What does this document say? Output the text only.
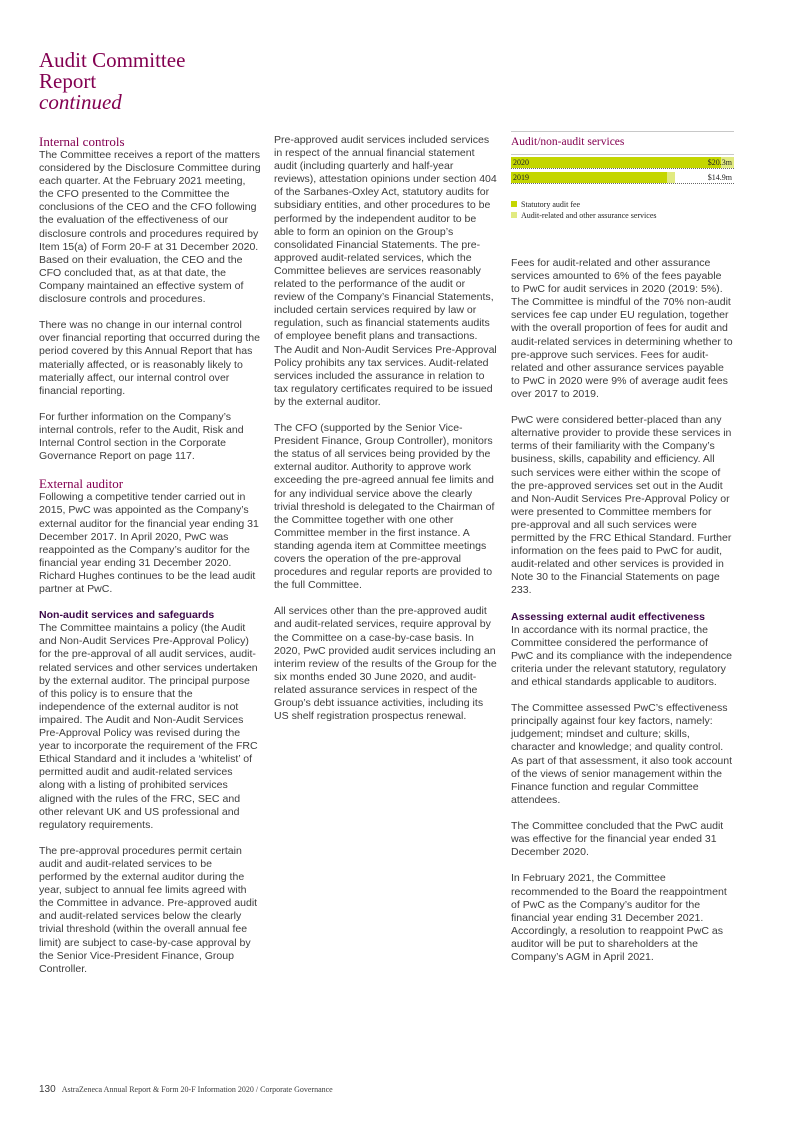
Audit Committee
Report
continued
Internal controls

The Committee receives a report of the matters considered by the Disclosure Committee during each quarter. At the February 2021 meeting, the CFO presented to the Committee the conclusions of the CEO and the CFO following the evaluation of the effectiveness of our disclosure controls and procedures required by Item 15(a) of Form 20-F at 31 December 2020. Based on their evaluation, the CEO and the CFO concluded that, as at that date, the Company maintained an effective system of disclosure controls and procedures.

There was no change in our internal control over financial reporting that occurred during the period covered by this Annual Report that has materially affected, or is reasonably likely to materially affect, our internal control over financial reporting.

For further information on the Company’s internal controls, refer to the Audit, Risk and Internal Control section in the Corporate Governance Report on page 117.

External auditor

Following a competitive tender carried out in 2015, PwC was appointed as the Company’s external auditor for the financial year ending 31 December 2017. In April 2020, PwC was reappointed as the Company’s auditor for the financial year ending 31 December 2020. Richard Hughes continues to be the lead audit partner at PwC.

Non-audit services and safeguards

The Committee maintains a policy (the Audit and Non-Audit Services Pre-Approval Policy) for the pre-approval of all audit services, audit-related services and other services undertaken by the external auditor. The principal purpose of this policy is to ensure that the independence of the external auditor is not impaired. The Audit and Non-Audit Services Pre-Approval Policy was revised during the year to incorporate the requirement of the FRC Ethical Standard and it includes a ‘whitelist’ of permitted audit and audit-related services along with a listing of prohibited services aligned with the rules of the FRC, SEC and other relevant UK and US professional and regulatory requirements.

The pre-approval procedures permit certain audit and audit-related services to be performed by the external auditor during the year, subject to annual fee limits agreed with the Committee in advance. Pre-approved audit and audit-related services below the clearly trivial threshold (within the overall annual fee limit) are subject to case-by-case approval by the Senior Vice-President Finance, Group Controller.

Pre-approved audit services included services in respect of the annual financial statement audit (including quarterly and half-year reviews), attestation opinions under section 404 of the Sarbanes-Oxley Act, statutory audits for subsidiary entities, and other procedures to be performed by the independent auditor to be able to form an opinion on the Group’s consolidated Financial Statements. The pre-approved audit-related services, which the Committee believes are services reasonably related to the performance of the audit or review of the Company’s Financial Statements, included certain services required by law or regulation, such as financial statements audits of employee benefit plans and transactions. The Audit and Non-Audit Services Pre-Approval Policy prohibits any tax services. Audit-related services included the assurance in relation to tax regulatory certificates required to be issued by the external auditor.

The CFO (supported by the Senior Vice-President Finance, Group Controller), monitors the status of all services being provided by the external auditor. Authority to approve work exceeding the pre-agreed annual fee limits and for any individual service above the clearly trivial threshold is delegated to the Chairman of the Committee together with one other Committee member in the first instance. A standing agenda item at Committee meetings covers the operation of the pre-approval procedures and regular reports are provided to the full Committee.

All services other than the pre-approved audit and audit-related services, require approval by the Committee on a case-by-case basis. In 2020, PwC provided audit services including an interim review of the results of the Group for the six months ended 30 June 2020, and audit-related assurance services in respect of the Group’s debt issuance activities, including its US shelf registration prospectus renewal.

Audit/non-audit services
2020	$20.3m
2019	$14.9m
Statutory audit fee
Audit-related and other assurance services

Fees for audit-related and other assurance services amounted to 6% of the fees payable to PwC for audit services in 2020 (2019: 5%). The Committee is mindful of the 70% non-audit services fee cap under EU regulation, together with the overall proportion of fees for audit and audit-related services in determining whether to pre-approve such services. Fees for audit-related and other assurance services payable to PwC in 2020 were 9% of average audit fees over 2017 to 2019.

PwC were considered better-placed than any alternative provider to provide these services in terms of their familiarity with the Company’s business, skills, capability and efficiency. All such services were either within the scope of the pre-approved services set out in the Audit and Non-Audit Services Pre-Approval Policy or were presented to Committee members for pre-approval and all such services were permitted by the FRC Ethical Standard. Further information on the fees paid to PwC for audit, audit-related and other services is provided in Note 30 to the Financial Statements on page 233.

Assessing external audit effectiveness

In accordance with its normal practice, the Committee considered the performance of PwC and its compliance with the independence criteria under the relevant statutory, regulatory and ethical standards applicable to auditors.

The Committee assessed PwC’s effectiveness principally against four key factors, namely: judgement; mindset and culture; skills, character and knowledge; and quality control. As part of that assessment, it also took account of the views of senior management within the Finance function and regular Committee attendees.

The Committee concluded that the PwC audit was effective for the financial year ended 31 December 2020.

In February 2021, the Committee recommended to the Board the reappointment of PwC as the Company’s auditor for the financial year ending 31 December 2021. Accordingly, a resolution to reappoint PwC as auditor will be put to shareholders at the Company’s AGM in April 2021.

130 AstraZeneca Annual Report & Form 20-F Information 2020 / Corporate Governance
